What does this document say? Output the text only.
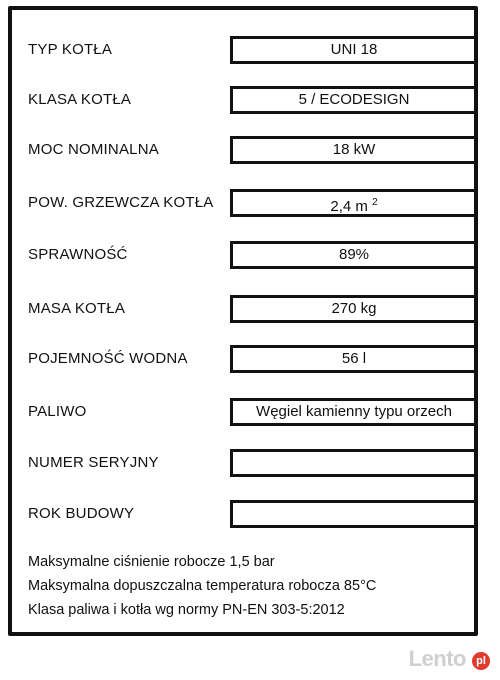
TYP KOTŁA	UNI 18
KLASA KOTŁA	5 / ECODESIGN
MOC NOMINALNA	18 kW
POW. GRZEWCZA KOTŁA	2,4 m $^2$
SPRAWNOŚĆ	89%
MASA KOTŁA	270 kg
POJEMNOŚĆ WODNA	56 l
PALIWO	Węgiel kamienny typu orzech
NUMER SERYJNY
ROK BUDOWY
Maksymalne ciśnienie robocze 1,5 bar
Maksymalna dopuszczalna temperatura robocza 85°C
Klasa paliwa i kotła wg normy PN-EN 303-5:2012
Lento pl
